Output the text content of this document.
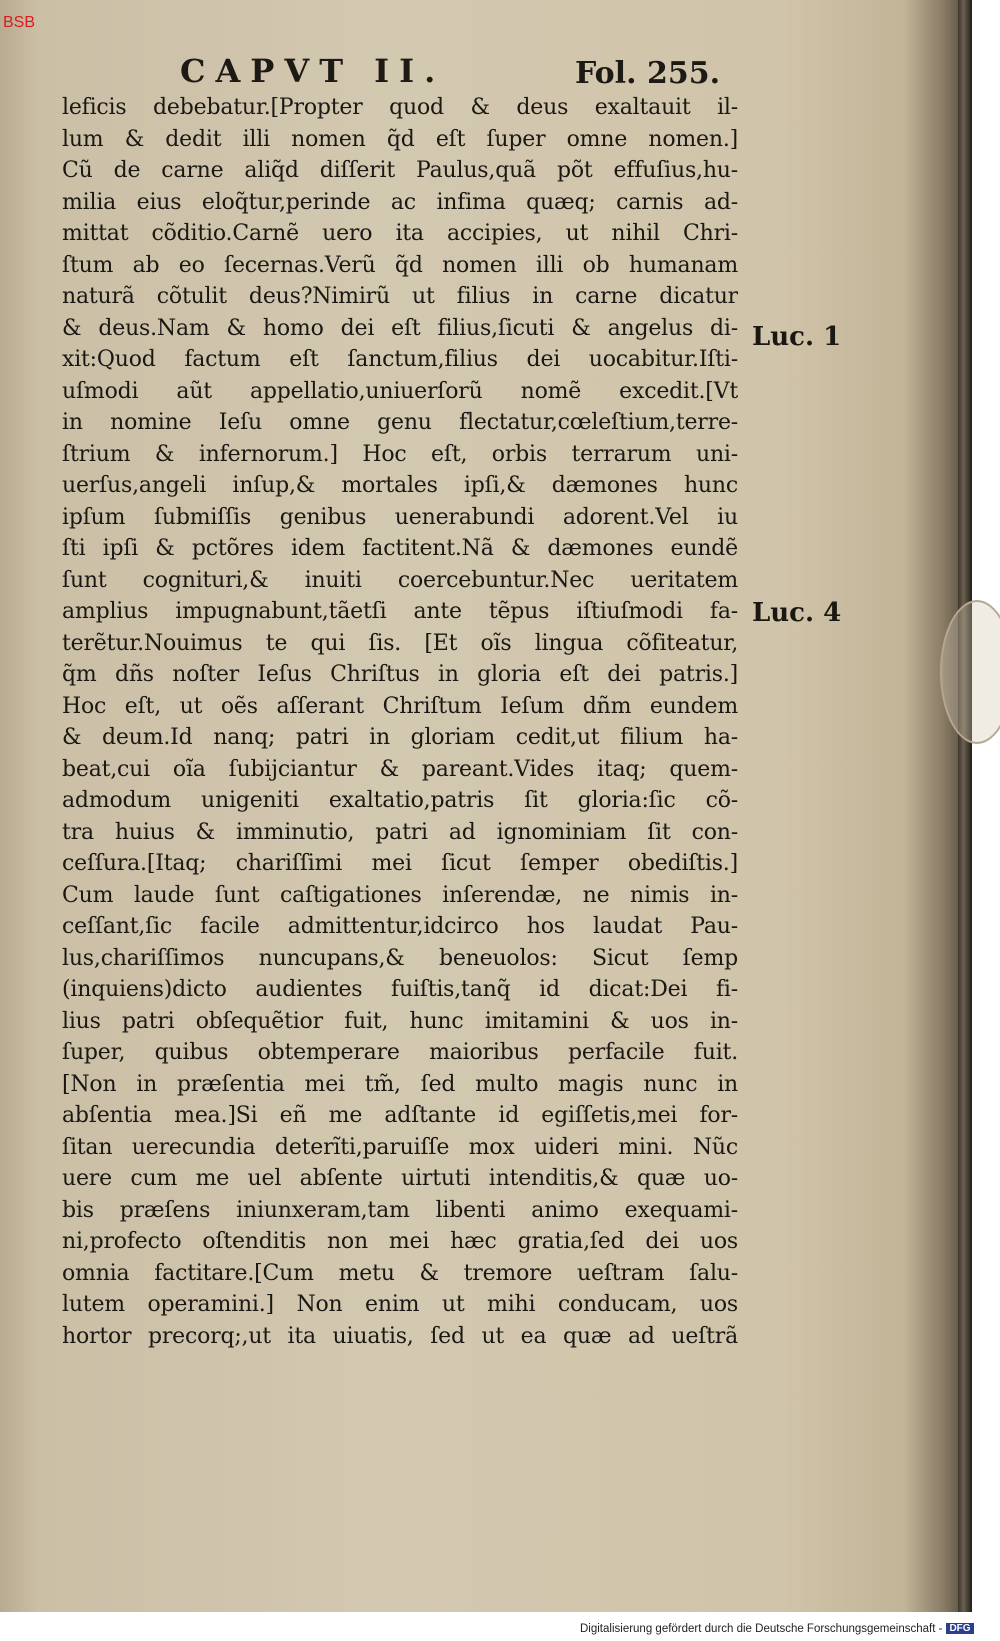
BSB
CAPVT II.	Fol. 255.
leficis debebatur.[Propter quod & deus exaltauit il-
lum & dedit illi nomen q̃d eſt ſuper omne nomen.]
Cũ de carne aliq̃d diſſerit Paulus,quã põt effuſius,hu-
milia eius eloq̃tur,perinde ac infima quæq; carnis ad-
mittat cõditio.Carnẽ uero ita accipies, ut nihil Chri-
ſtum ab eo ſecernas.Verũ q̃d nomen illi ob humanam
naturã cõtulit deus?Nimirũ ut filius in carne dicatur
& deus.Nam & homo dei eſt filius,ſicuti & angelus di-
xit:Quod factum eſt ſanctum,filius dei uocabitur.Iſti-
uſmodi aũt appellatio,uniuerſorũ nomẽ excedit.[Vt
in nomine Ieſu omne genu flectatur,cœleſtium,terre-
ſtrium & infernorum.] Hoc eſt, orbis terrarum uni-
uerſus,angeli inſup,& mortales ipſi,& dæmones hunc
ipſum ſubmiſſis genibus uenerabundi adorent.Vel iu
ſti ipſi & pctõres idem factitent.Nã & dæmones eundẽ
ſunt cognituri,& inuiti coercebuntur.Nec ueritatem
amplius impugnabunt,tãetſi ante tẽpus iſtiuſmodi fa-
terẽtur.Nouimus te qui ſis. [Et oĩs lingua cõfiteatur,
q̃m dñs noſter Ieſus Chriſtus in gloria eſt dei patris.]
Hoc eſt, ut oẽs aſſerant Chriſtum Ieſum dñm eundem
& deum.Id nanq; patri in gloriam cedit,ut filium ha-
beat,cui oĩa ſubijciantur & pareant.Vides itaq; quem-
admodum unigeniti exaltatio,patris ſit gloria:ſic cõ-
tra huius & imminutio, patri ad ignominiam ſit con-
ceſſura.[Itaq; chariſſimi mei ſicut ſemper obediſtis.]
Cum laude ſunt caſtigationes inſerendæ, ne nimis in-
ceſſant,ſic facile admittentur,idcirco hos laudat Pau-
lus,chariſſimos nuncupans,& beneuolos: Sicut ſemp
(inquiens)dicto audientes fuiſtis,tanq̃ id dicat:Dei fi-
lius patri obſequẽtior fuit, hunc imitamini & uos in-
ſuper, quibus obtemperare maioribus perfacile fuit.
[Non in præſentia mei tm̃, ſed multo magis nunc in
abſentia mea.]Si eñ me adſtante id egiſſetis,mei for-
ſitan uerecundia deterĩti,paruiſſe mox uideri mini. Nũc
uere cum me uel abſente uirtuti intenditis,& quæ uo-
bis præſens iniunxeram,tam libenti animo exequami-
ni,profecto oſtenditis non mei hæc gratia,ſed dei uos
omnia factitare.[Cum metu & tremore ueſtram ſalu-
lutem operamini.] Non enim ut mihi conducam, uos
hortor precorq;,ut ita uiuatis, ſed ut ea quæ ad ueſtrã
Luc. 1
Luc. 4
Digitalisierung gefördert durch die Deutsche Forschungsgemeinschaft - DFG
